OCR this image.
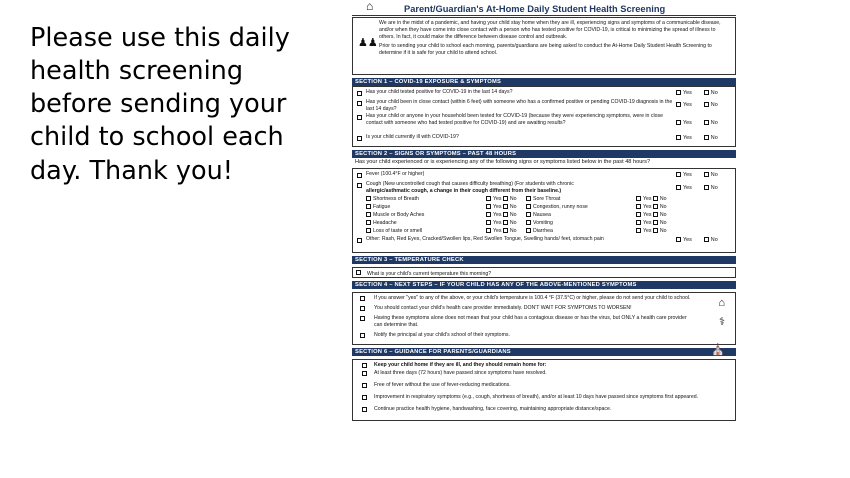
Please use this daily
health screening
before sending your
child to school each
day. Thank you!
⌂	Parent/Guardian's At-Home Daily Student Health Screening
♟♟

We are in the midst of a pandemic, and having your child stay home when they are ill, experiencing signs and symptoms of a communicable disease, and/or when they have come into close contact with a person who has tested positive for COVID-19, is critical to minimizing the spread of illness to others. In fact, it could make the difference between disease control and outbreak.

Prior to sending your child to school each morning, parents/guardians are being asked to conduct the At-Home Daily Student Health Screening to determine if it is safe for your child to attend school.

SECTION 1 – COVID-19 EXPOSURE & SYMPTOMS
Has your child tested positive for COVID-19 in the last 14 days?	Yes	No
Has your child been in close contact (within 6 feet) with someone who has a confirmed positive or pending COVID-19 diagnosis in the last 14 days?
Yes	No
Has your child or anyone in your household been tested for COVID-19 (because they were experiencing symptoms, were in close contact with someone who had tested positive for COVID-19) and are awaiting results?	Yes	No
Is your child currently ill with COVID-19?	Yes	No
SECTION 2 – SIGNS OR SYMPTOMS – PAST 48 HOURS
Has your child experienced or is experiencing any of the following signs or symptoms listed below in the past 48 hours?
Fever (100.4°F or higher)	Yes	No
Cough (New uncontrolled cough that causes difficulty breathing) (For students with chronic
allergic/asthmatic cough, a change in their cough different from their baseline.)
Yes	No
Shortness of Breath	Yes No	Sore Throat	Yes No
Fatigue	Yes No	Congestion, runny nose	Yes No
Muscle or Body Aches	Yes No	Nausea	Yes No
Headache	Yes No	Vomiting	Yes No
Loss of taste or smell	Yes No	Diarrhea	Yes No
Other: Rash, Red Eyes, Cracked/Swollen lips, Red Swollen Tongue, Swelling hands/ feet, stomach pain	Yes	No
SECTION 3 – TEMPERATURE CHECK
What is your child's current temperature this morning?
SECTION 4 – NEXT STEPS – IF YOUR CHILD HAS ANY OF THE ABOVE-MENTIONED SYMPTOMS
⌂
⚕
⛪
If you answer "yes" to any of the above, or your child's temperature is 100.4 °F (37.5°C) or higher, please do not send your child to school.
You should contact your child's health care provider immediately. DON'T WAIT FOR SYMPTOMS TO WORSEN!
Having these symptoms alone does not mean that your child has a contagious disease or has the virus, but ONLY a health care provider can determine that.
Notify the principal at your child's school of their symptoms.
SECTION 6 – GUIDANCE FOR PARENTS/GUARDIANS
Keep your child home if they are ill, and they should remain home for:
At least three days (72 hours) have passed since symptoms have resolved.
Free of fever without the use of fever-reducing medications.
Improvement in respiratory symptoms (e.g., cough, shortness of breath), and/or at least 10 days have passed since symptoms first appeared.
Continue practice health hygiene, handwashing, face covering, maintaining appropriate distance/space.
